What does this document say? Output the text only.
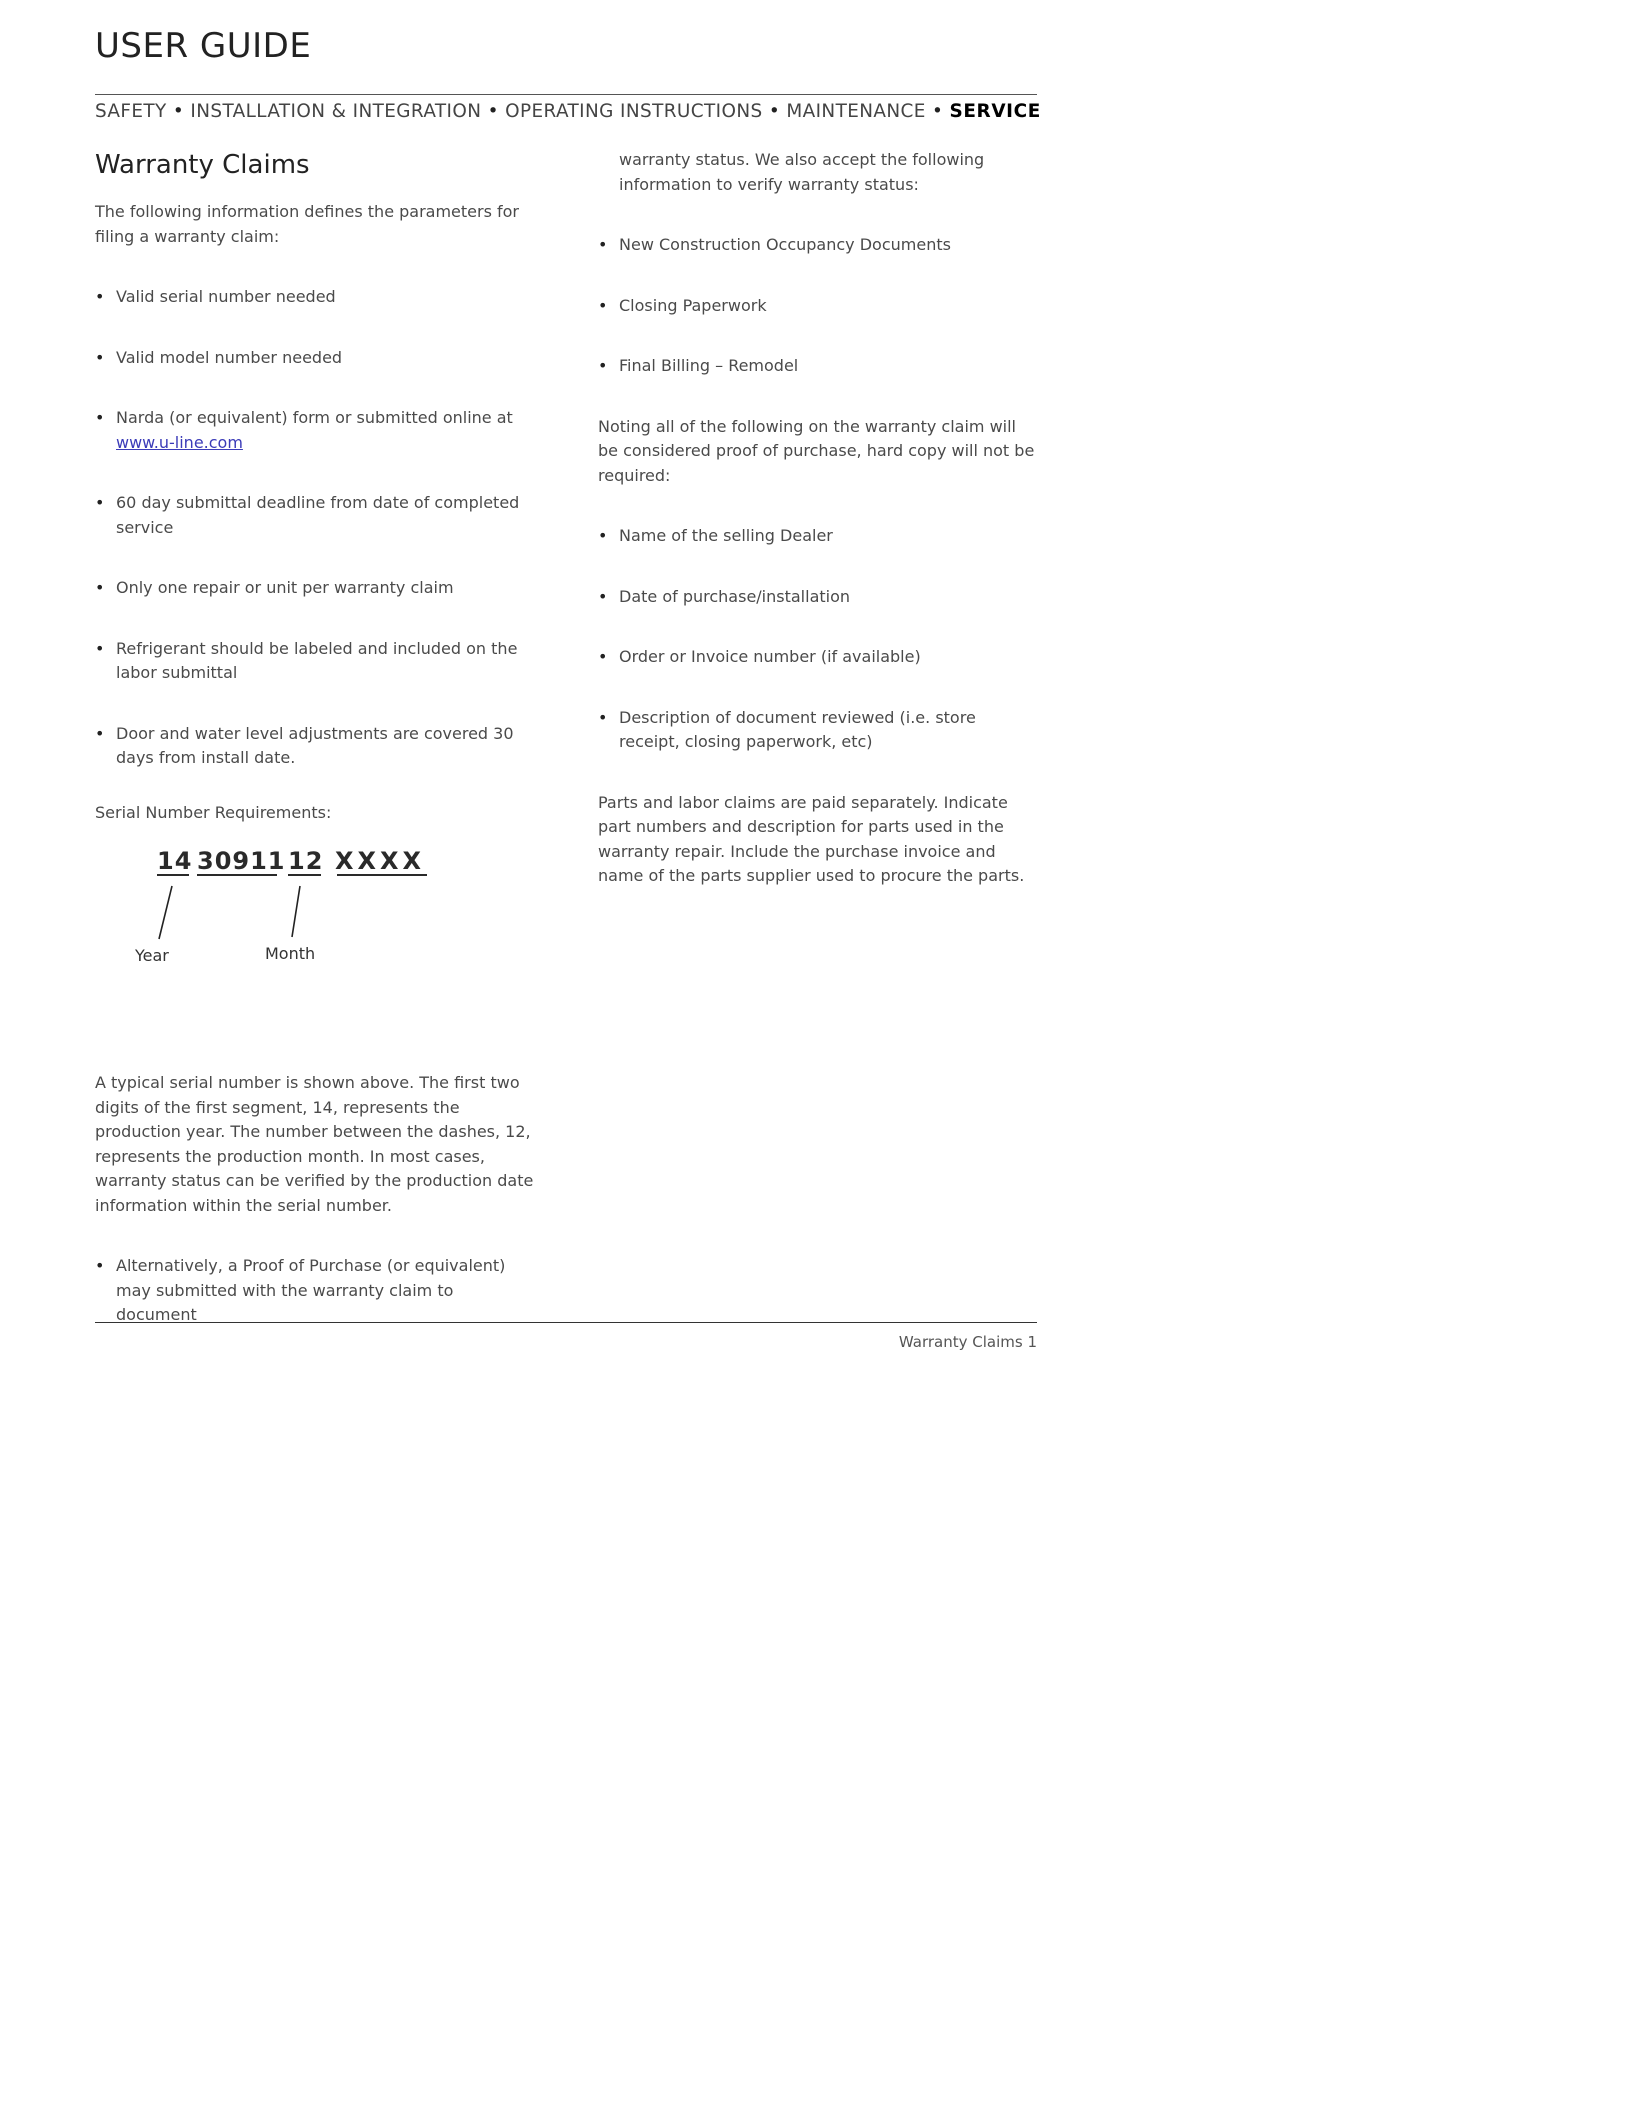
USER GUIDE
SAFETY • INSTALLATION & INTEGRATION • OPERATING INSTRUCTIONS • MAINTENANCE • SERVICE
Warranty Claims

The following information defines the parameters for filing a warranty claim:

• Valid serial number needed
• Valid model number needed
• Narda (or equivalent) form or submitted online at
www.u-line.com
• 60 day submittal deadline from date of completed service
• Only one repair or unit per warranty claim
• Refrigerant should be labeled and included on the labor submittal
• Door and water level adjustments are covered 30 days from install date.

Serial Number Requirements:

14 30911 12 XXXX
Year	Month

A typical serial number is shown above. The first two digits of the first segment, 14, represents the production year. The number between the dashes, 12, represents the production month. In most cases, warranty status can be verified by the production date information within the serial number.

• Alternatively, a Proof of Purchase (or equivalent) may submitted with the warranty claim to document

warranty status. We also accept the following information to verify warranty status:

• New Construction Occupancy Documents
• Closing Paperwork
• Final Billing – Remodel

Noting all of the following on the warranty claim will be considered proof of purchase, hard copy will not be required:

• Name of the selling Dealer
• Date of purchase/installation
• Order or Invoice number (if available)
• Description of document reviewed (i.e. store receipt, closing paperwork, etc)

Parts and labor claims are paid separately. Indicate part numbers and description for parts used in the warranty repair. Include the purchase invoice and name of the parts supplier used to procure the parts.

Warranty Claims 1
